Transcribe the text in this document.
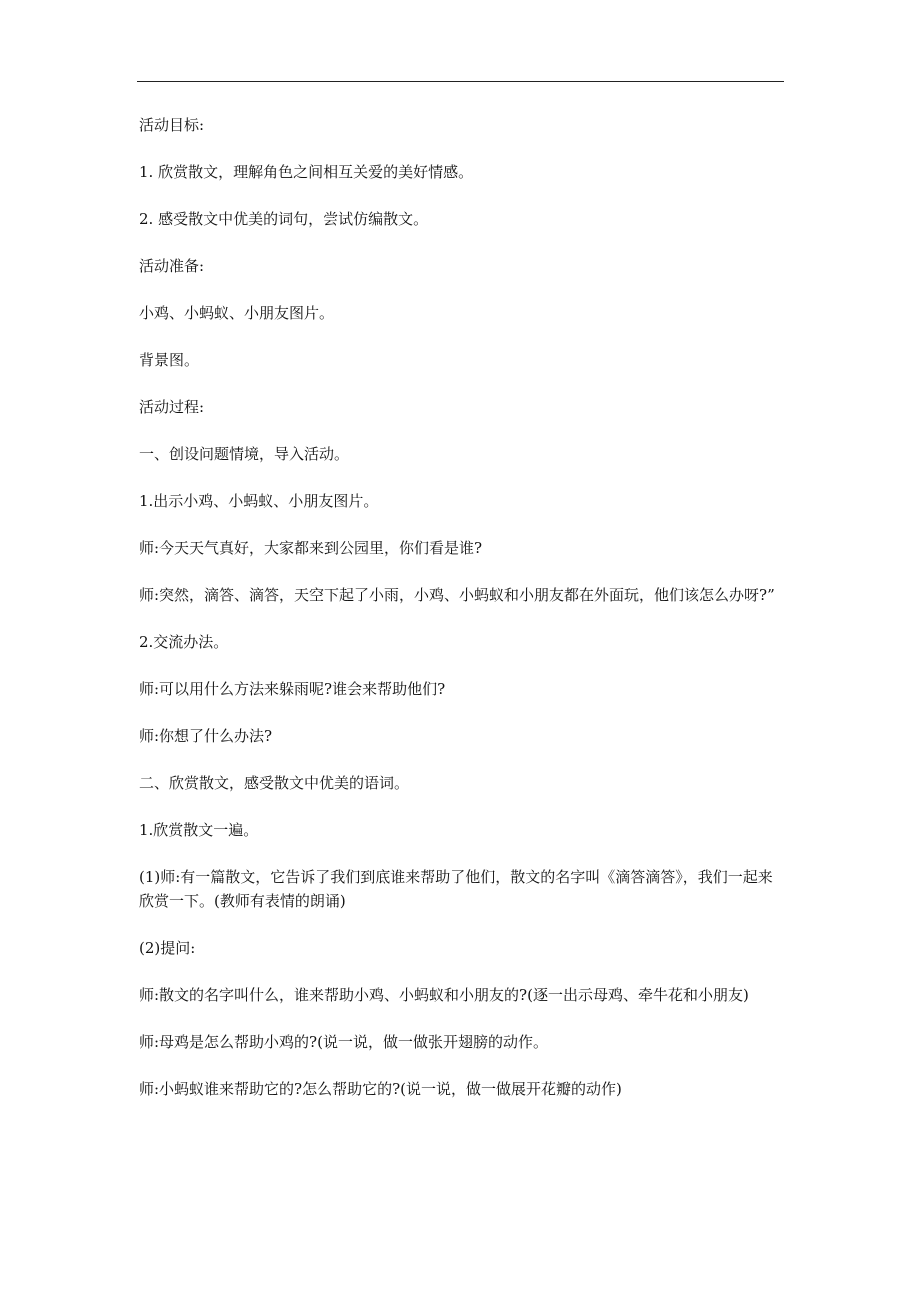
活动目标:

1. 欣赏散文，理解角色之间相互关爱的美好情感。

2. 感受散文中优美的词句，尝试仿编散文。

活动准备:

小鸡、小蚂蚁、小朋友图片。

背景图。

活动过程:

一、创设问题情境，导入活动。

1.出示小鸡、小蚂蚁、小朋友图片。

师:今天天气真好，大家都来到公园里，你们看是谁?

师:突然，滴答、滴答，天空下起了小雨，小鸡、小蚂蚁和小朋友都在外面玩，他们该怎么办呀?”

2.交流办法。

师:可以用什么方法来躲雨呢?谁会来帮助他们?

师:你想了什么办法?

二、欣赏散文，感受散文中优美的语词。

1.欣赏散文一遍。

(1)师:有一篇散文，它告诉了我们到底谁来帮助了他们，散文的名字叫《滴答滴答》，我们一起来欣赏一下。(教师有表情的朗诵)

(2)提问:

师:散文的名字叫什么，谁来帮助小鸡、小蚂蚁和小朋友的?(逐一出示母鸡、牵牛花和小朋友)

师:母鸡是怎么帮助小鸡的?(说一说，做一做张开翅膀的动作。

师:小蚂蚁谁来帮助它的?怎么帮助它的?(说一说，做一做展开花瓣的动作)
